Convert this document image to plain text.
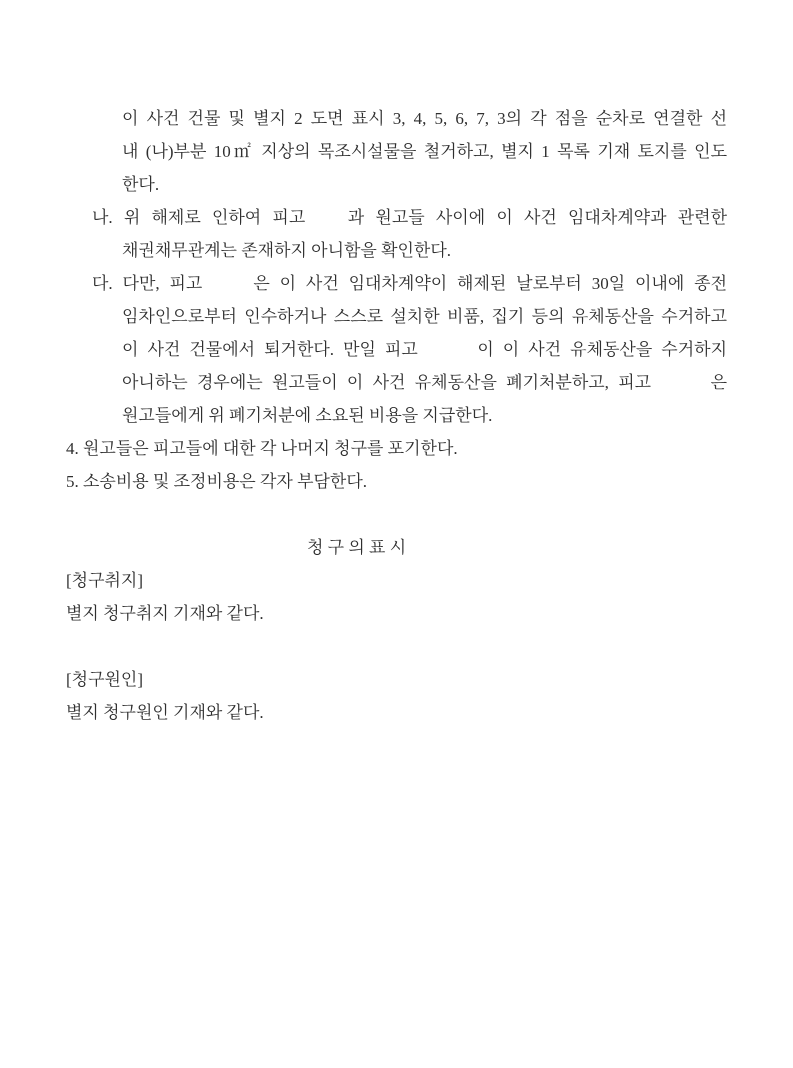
이 사건 건물 및 별지 2 도면 표시 3, 4, 5, 6, 7, 3의 각 점을 순차로 연결한 선
내 (나)부분 10㎡ 지상의 목조시설물을 철거하고, 별지 1 목록 기재 토지를 인도
한다.
나. 위 해제로 인하여 피고   과 원고들 사이에 이 사건 임대차계약과 관련한
채권채무관계는 존재하지 아니함을 확인한다.
다. 다만, 피고   은 이 사건 임대차계약이 해제된 날로부터 30일 이내에 종전
임차인으로부터 인수하거나 스스로 설치한 비품, 집기 등의 유체동산을 수거하고
이 사건 건물에서 퇴거한다. 만일 피고    이 이 사건 유체동산을 수거하지
아니하는 경우에는 원고들이 이 사건 유체동산을 폐기처분하고, 피고    은
원고들에게 위 폐기처분에 소요된 비용을 지급한다.
4. 원고들은 피고들에 대한 각 나머지 청구를 포기한다.
5. 소송비용 및 조정비용은 각자 부담한다.
청 구 의 표 시
[청구취지]
별지 청구취지 기재와 같다.
[청구원인]
별지 청구원인 기재와 같다.
